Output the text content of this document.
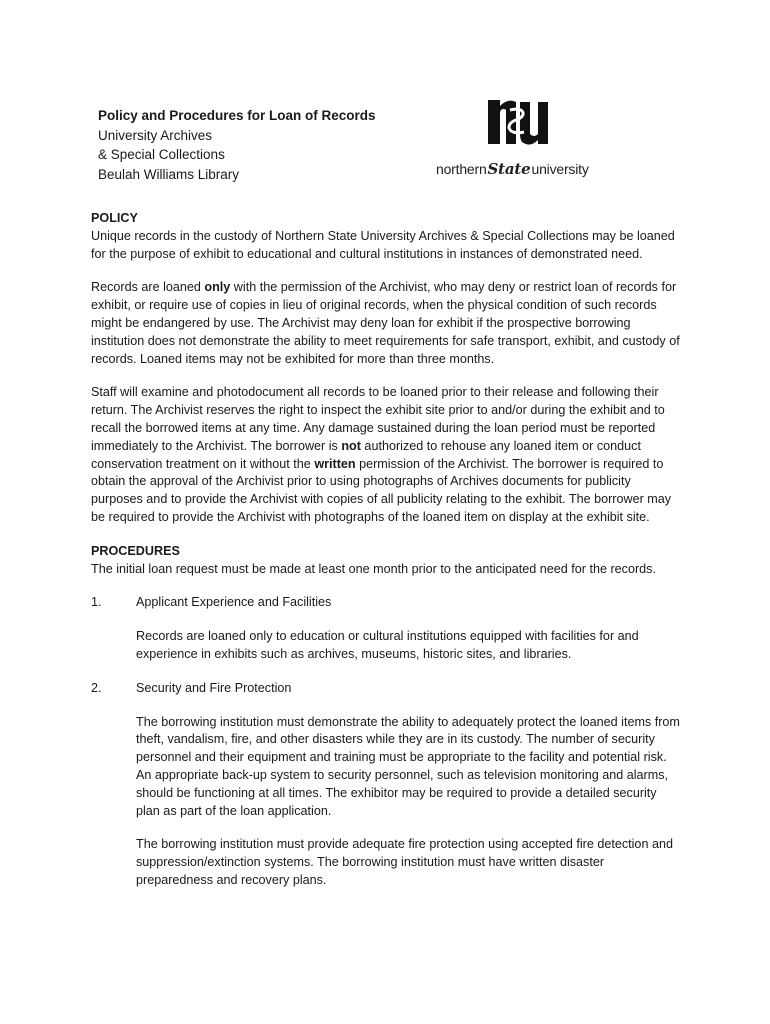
Policy and Procedures for Loan of Records
University Archives
& Special Collections
Beulah Williams Library	northernStateuniversity
POLICY

Unique records in the custody of Northern State University Archives & Special Collections may be loaned for the purpose of exhibit to educational and cultural institutions in instances of demonstrated need.

Records are loaned only with the permission of the Archivist, who may deny or restrict loan of records for exhibit, or require use of copies in lieu of original records, when the physical condition of such records might be endangered by use. The Archivist may deny loan for exhibit if the prospective borrowing institution does not demonstrate the ability to meet requirements for safe transport, exhibit, and custody of records. Loaned items may not be exhibited for more than three months.

Staff will examine and photodocument all records to be loaned prior to their release and following their return. The Archivist reserves the right to inspect the exhibit site prior to and/or during the exhibit and to recall the borrowed items at any time. Any damage sustained during the loan period must be reported immediately to the Archivist. The borrower is not authorized to rehouse any loaned item or conduct conservation treatment on it without the written permission of the Archivist. The borrower is required to obtain the approval of the Archivist prior to using photographs of Archives documents for publicity purposes and to provide the Archivist with copies of all publicity relating to the exhibit. The borrower may be required to provide the Archivist with photographs of the loaned item on display at the exhibit site.

PROCEDURES

The initial loan request must be made at least one month prior to the anticipated need for the records.

1.	Applicant Experience and Facilities

Records are loaned only to education or cultural institutions equipped with facilities for and experience in exhibits such as archives, museums, historic sites, and libraries.

2.	Security and Fire Protection

The borrowing institution must demonstrate the ability to adequately protect the loaned items from theft, vandalism, fire, and other disasters while they are in its custody. The number of security personnel and their equipment and training must be appropriate to the facility and potential risk. An appropriate back-up system to security personnel, such as television monitoring and alarms, should be functioning at all times. The exhibitor may be required to provide a detailed security plan as part of the loan application.

The borrowing institution must provide adequate fire protection using accepted fire detection and suppression/extinction systems. The borrowing institution must have written disaster preparedness and recovery plans.
